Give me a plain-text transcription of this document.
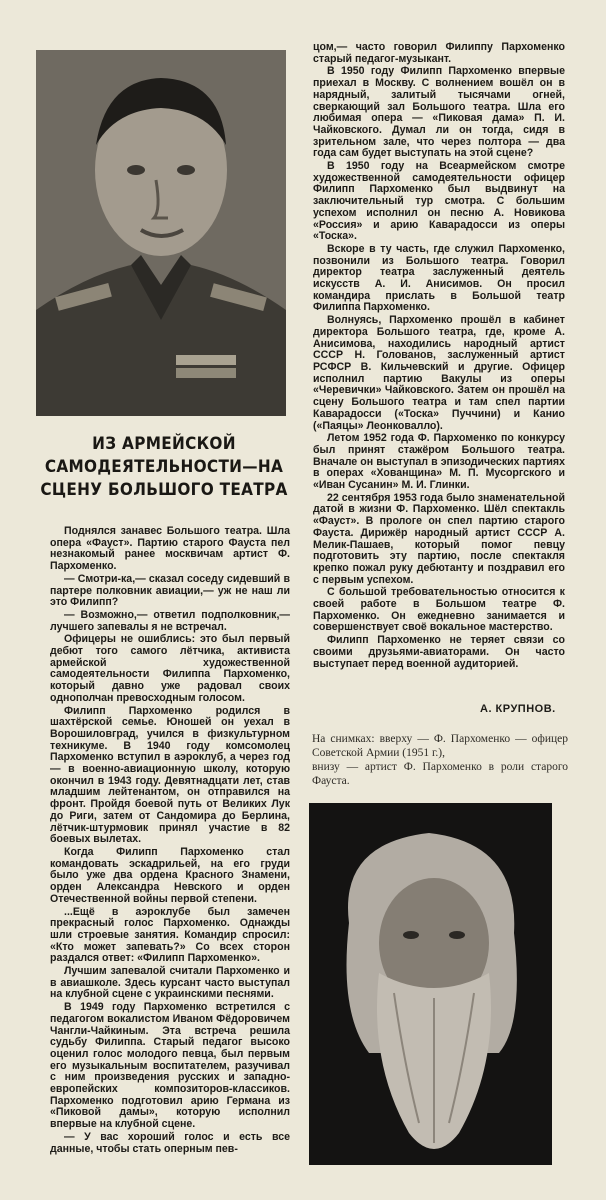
ИЗ АРМЕЙСКОЙ САМОДЕЯТЕЛЬНОСТИ—НА СЦЕНУ БОЛЬШОГО ТЕАТРА

Поднялся занавес Большого театра. Шла опера «Фауст». Партию старого Фауста пел незнакомый ранее москвичам артист Ф. Пархоменко.

— Смотри-ка,— сказал соседу сидевший в партере полковник авиации,— уж не наш ли это Филипп?

— Возможно,— ответил подполковник,— лучшего запевалы я не встречал.

Офицеры не ошиблись: это был первый дебют того самого лётчика, активиста армейской художественной самодеятельности Филиппа Пархоменко, который давно уже радовал своих однополчан превосходным голосом.

Филипп Пархоменко родился в шахтёрской семье. Юношей он уехал в Ворошиловград, учился в физкультурном техникуме. В 1940 году комсомолец Пархоменко вступил в аэроклуб, а через год — в военно-авиационную школу, которую окончил в 1943 году. Девятнадцати лет, став младшим лейтенантом, он отправился на фронт. Пройдя боевой путь от Великих Лук до Риги, затем от Сандомира до Берлина, лётчик-штурмовик принял участие в 82 боевых вылетах.

Когда Филипп Пархоменко стал командовать эскадрильей, на его груди было уже два ордена Красного Знамени, орден Александра Невского и орден Отечественной войны первой степени.

...Ещё в аэроклубе был замечен прекрасный голос Пархоменко. Однажды шли строевые занятия. Командир спросил: «Кто может запевать?» Со всех сторон раздался ответ: «Филипп Пархоменко».

Лучшим запевалой считали Пархоменко и в авиашколе. Здесь курсант часто выступал на клубной сцене с украинскими песнями.

В 1949 году Пархоменко встретился с педагогом вокалистом Иваном Фёдоровичем Чангли-Чайкиным. Эта встреча решила судьбу Филиппа. Старый педагог высоко оценил голос молодого певца, был первым его музыкальным воспитателем, разучивал с ним произведения русских и западно-европейских композиторов-классиков. Пархоменко подготовил арию Германа из «Пиковой дамы», которую исполнил впервые на клубной сцене.

— У вас хороший голос и есть все данные, чтобы стать оперным пев-

цом,— часто говорил Филиппу Пархоменко старый педагог-музыкант.

В 1950 году Филипп Пархоменко впервые приехал в Москву. С волнением вошёл он в нарядный, залитый тысячами огней, сверкающий зал Большого театра. Шла его любимая опера — «Пиковая дама» П. И. Чайковского. Думал ли он тогда, сидя в зрительном зале, что через полтора — два года сам будет выступать на этой сцене?

В 1950 году на Всеармейском смотре художественной самодеятельности офицер Филипп Пархоменко был выдвинут на заключительный тур смотра. С большим успехом исполнил он песню А. Новикова «Россия» и арию Каварадосси из оперы «Тоска».

Вскоре в ту часть, где служил Пархоменко, позвонили из Большого театра. Говорил директор театра заслуженный деятель искусств А. И. Анисимов. Он просил командира прислать в Большой театр Филиппа Пархоменко.

Волнуясь, Пархоменко прошёл в кабинет директора Большого театра, где, кроме А. Анисимова, находились народный артист СССР Н. Голованов, заслуженный артист РСФСР В. Кильчевский и другие. Офицер исполнил партию Вакулы из оперы «Черевички» Чайковского. Затем он прошёл на сцену Большого театра и там спел партии Каварадосси («Тоска» Пуччини) и Канио («Паяцы» Леонковалло).

Летом 1952 года Ф. Пархоменко по конкурсу был принят стажёром Большого театра. Вначале он выступал в эпизодических партиях в операх «Хованщина» М. П. Мусоргского и «Иван Сусанин» М. И. Глинки.

22 сентября 1953 года было знаменательной датой в жизни Ф. Пархоменко. Шёл спектакль «Фауст». В прологе он спел партию старого Фауста. Дирижёр народный артист СССР А. Мелик-Пашаев, который помог певцу подготовить эту партию, после спектакля крепко пожал руку дебютанту и поздравил его с первым успехом.

С большой требовательностью относится к своей работе в Большом театре Ф. Пархоменко. Он ежедневно занимается и совершенствует своё вокальное мастерство.

Филипп Пархоменко не теряет связи со своими друзьями-авиаторами. Он часто выступает перед военной аудиторией.

А. КРУПНОВ.
На снимках: вверху — Ф. Пархоменко — офицер Советской Армии (1951 г.),
внизу — артист Ф. Пархоменко в роли старого Фауста.
